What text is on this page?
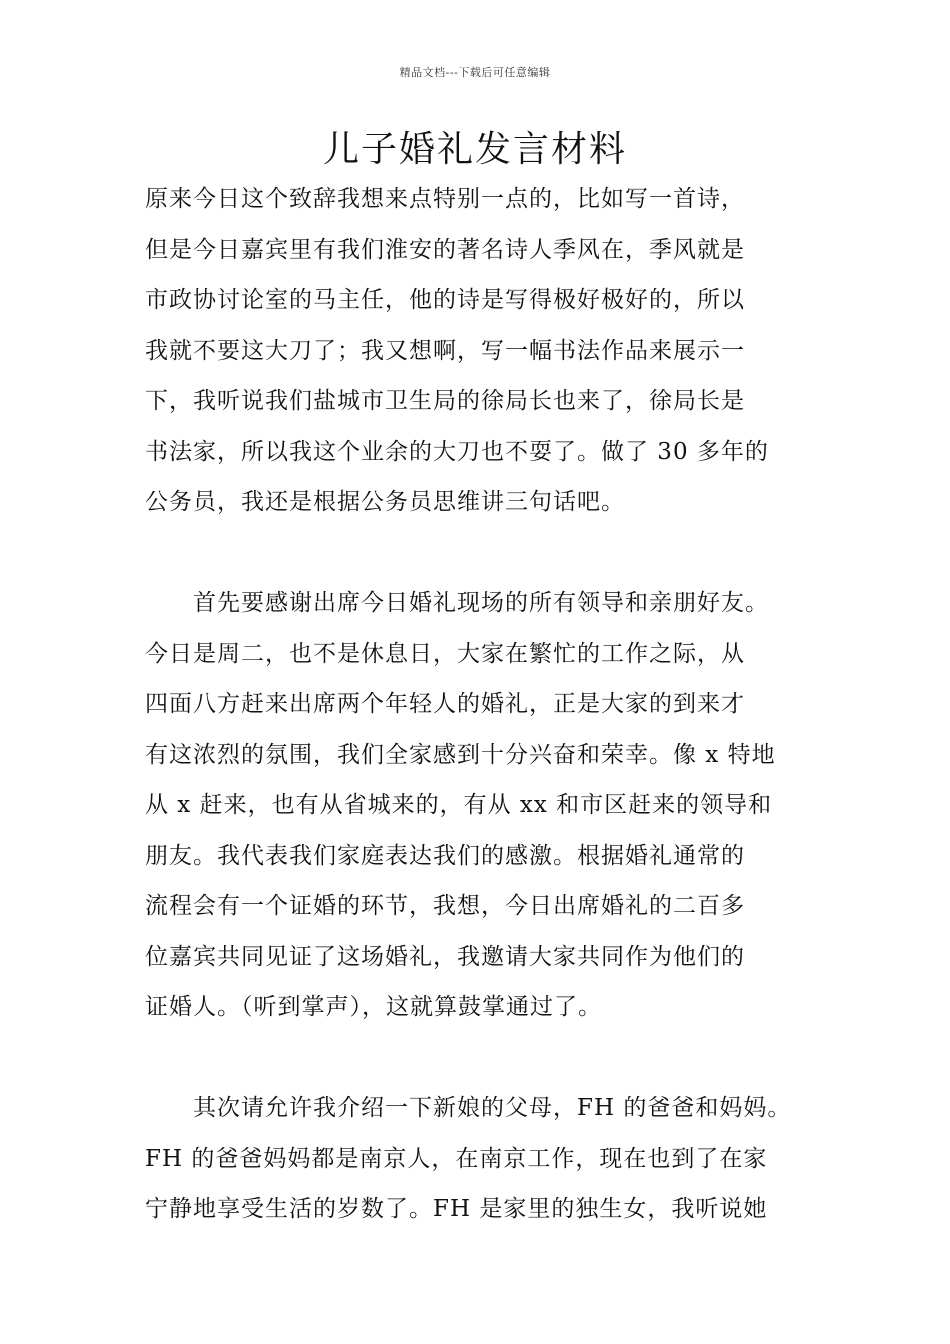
精品文档---下载后可任意编辑
儿子婚礼发言材料

原来今日这个致辞我想来点特别一点的，比如写一首诗，

但是今日嘉宾里有我们淮安的著名诗人季风在，季风就是

市政协讨论室的马主任，他的诗是写得极好极好的，所以

我就不要这大刀了；我又想啊，写一幅书法作品来展示一

下，我听说我们盐城市卫生局的徐局长也来了，徐局长是

书法家，所以我这个业余的大刀也不耍了。做了 30 多年的

公务员，我还是根据公务员思维讲三句话吧。

　　首先要感谢出席今日婚礼现场的所有领导和亲朋好友。

今日是周二，也不是休息日，大家在繁忙的工作之际，从

四面八方赶来出席两个年轻人的婚礼，正是大家的到来才

有这浓烈的氛围，我们全家感到十分兴奋和荣幸。像 x 特地

从 x 赶来，也有从省城来的，有从 xx 和市区赶来的领导和

朋友。我代表我们家庭表达我们的感激。根据婚礼通常的

流程会有一个证婚的环节，我想，今日出席婚礼的二百多

位嘉宾共同见证了这场婚礼，我邀请大家共同作为他们的

证婚人。（听到掌声），这就算鼓掌通过了。

　　其次请允许我介绍一下新娘的父母，FH 的爸爸和妈妈。

FH 的爸爸妈妈都是南京人，在南京工作，现在也到了在家

宁静地享受生活的岁数了。FH 是家里的独生女，我听说她
